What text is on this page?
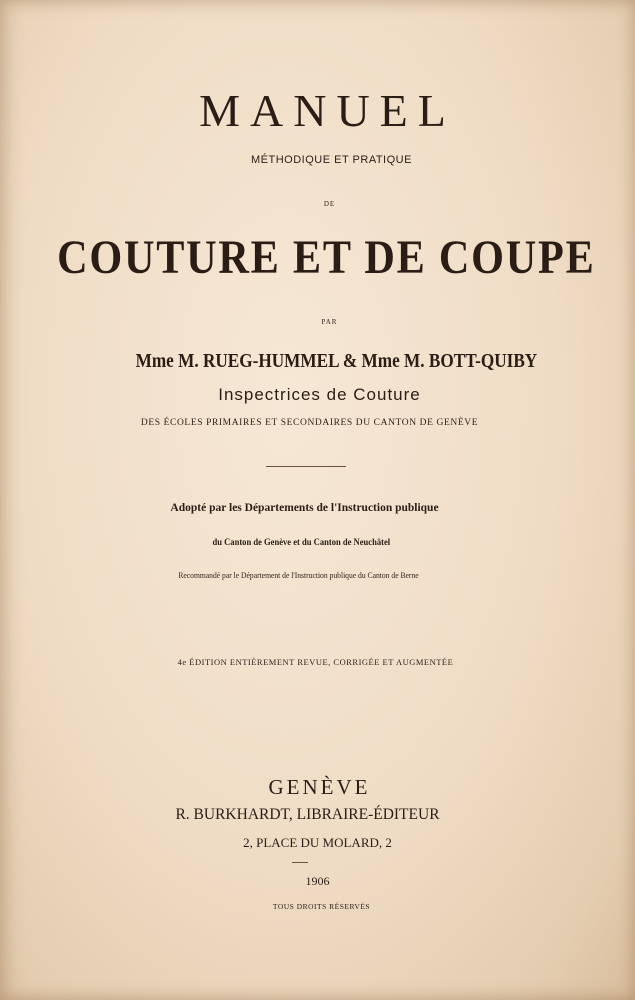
MANUEL
MÉTHODIQUE ET PRATIQUE
DE
COUTURE ET DE COUPE
PAR
Mme M. RUEG-HUMMEL & Mme M. BOTT-QUIBY
Inspectrices de Couture
DES ÉCOLES PRIMAIRES ET SECONDAIRES DU CANTON DE GENÈVE
Adopté par les Départements de l'Instruction publique
du Canton de Genève et du Canton de Neuchâtel
Recommandé par le Département de l'Instruction publique du Canton de Berne
4e ÉDITION ENTIÈREMENT REVUE, CORRIGÉE ET AUGMENTÉE
GENÈVE
R. BURKHARDT, LIBRAIRE-ÉDITEUR
2, PLACE DU MOLARD, 2
1906
TOUS DROITS RÉSERVÉS
